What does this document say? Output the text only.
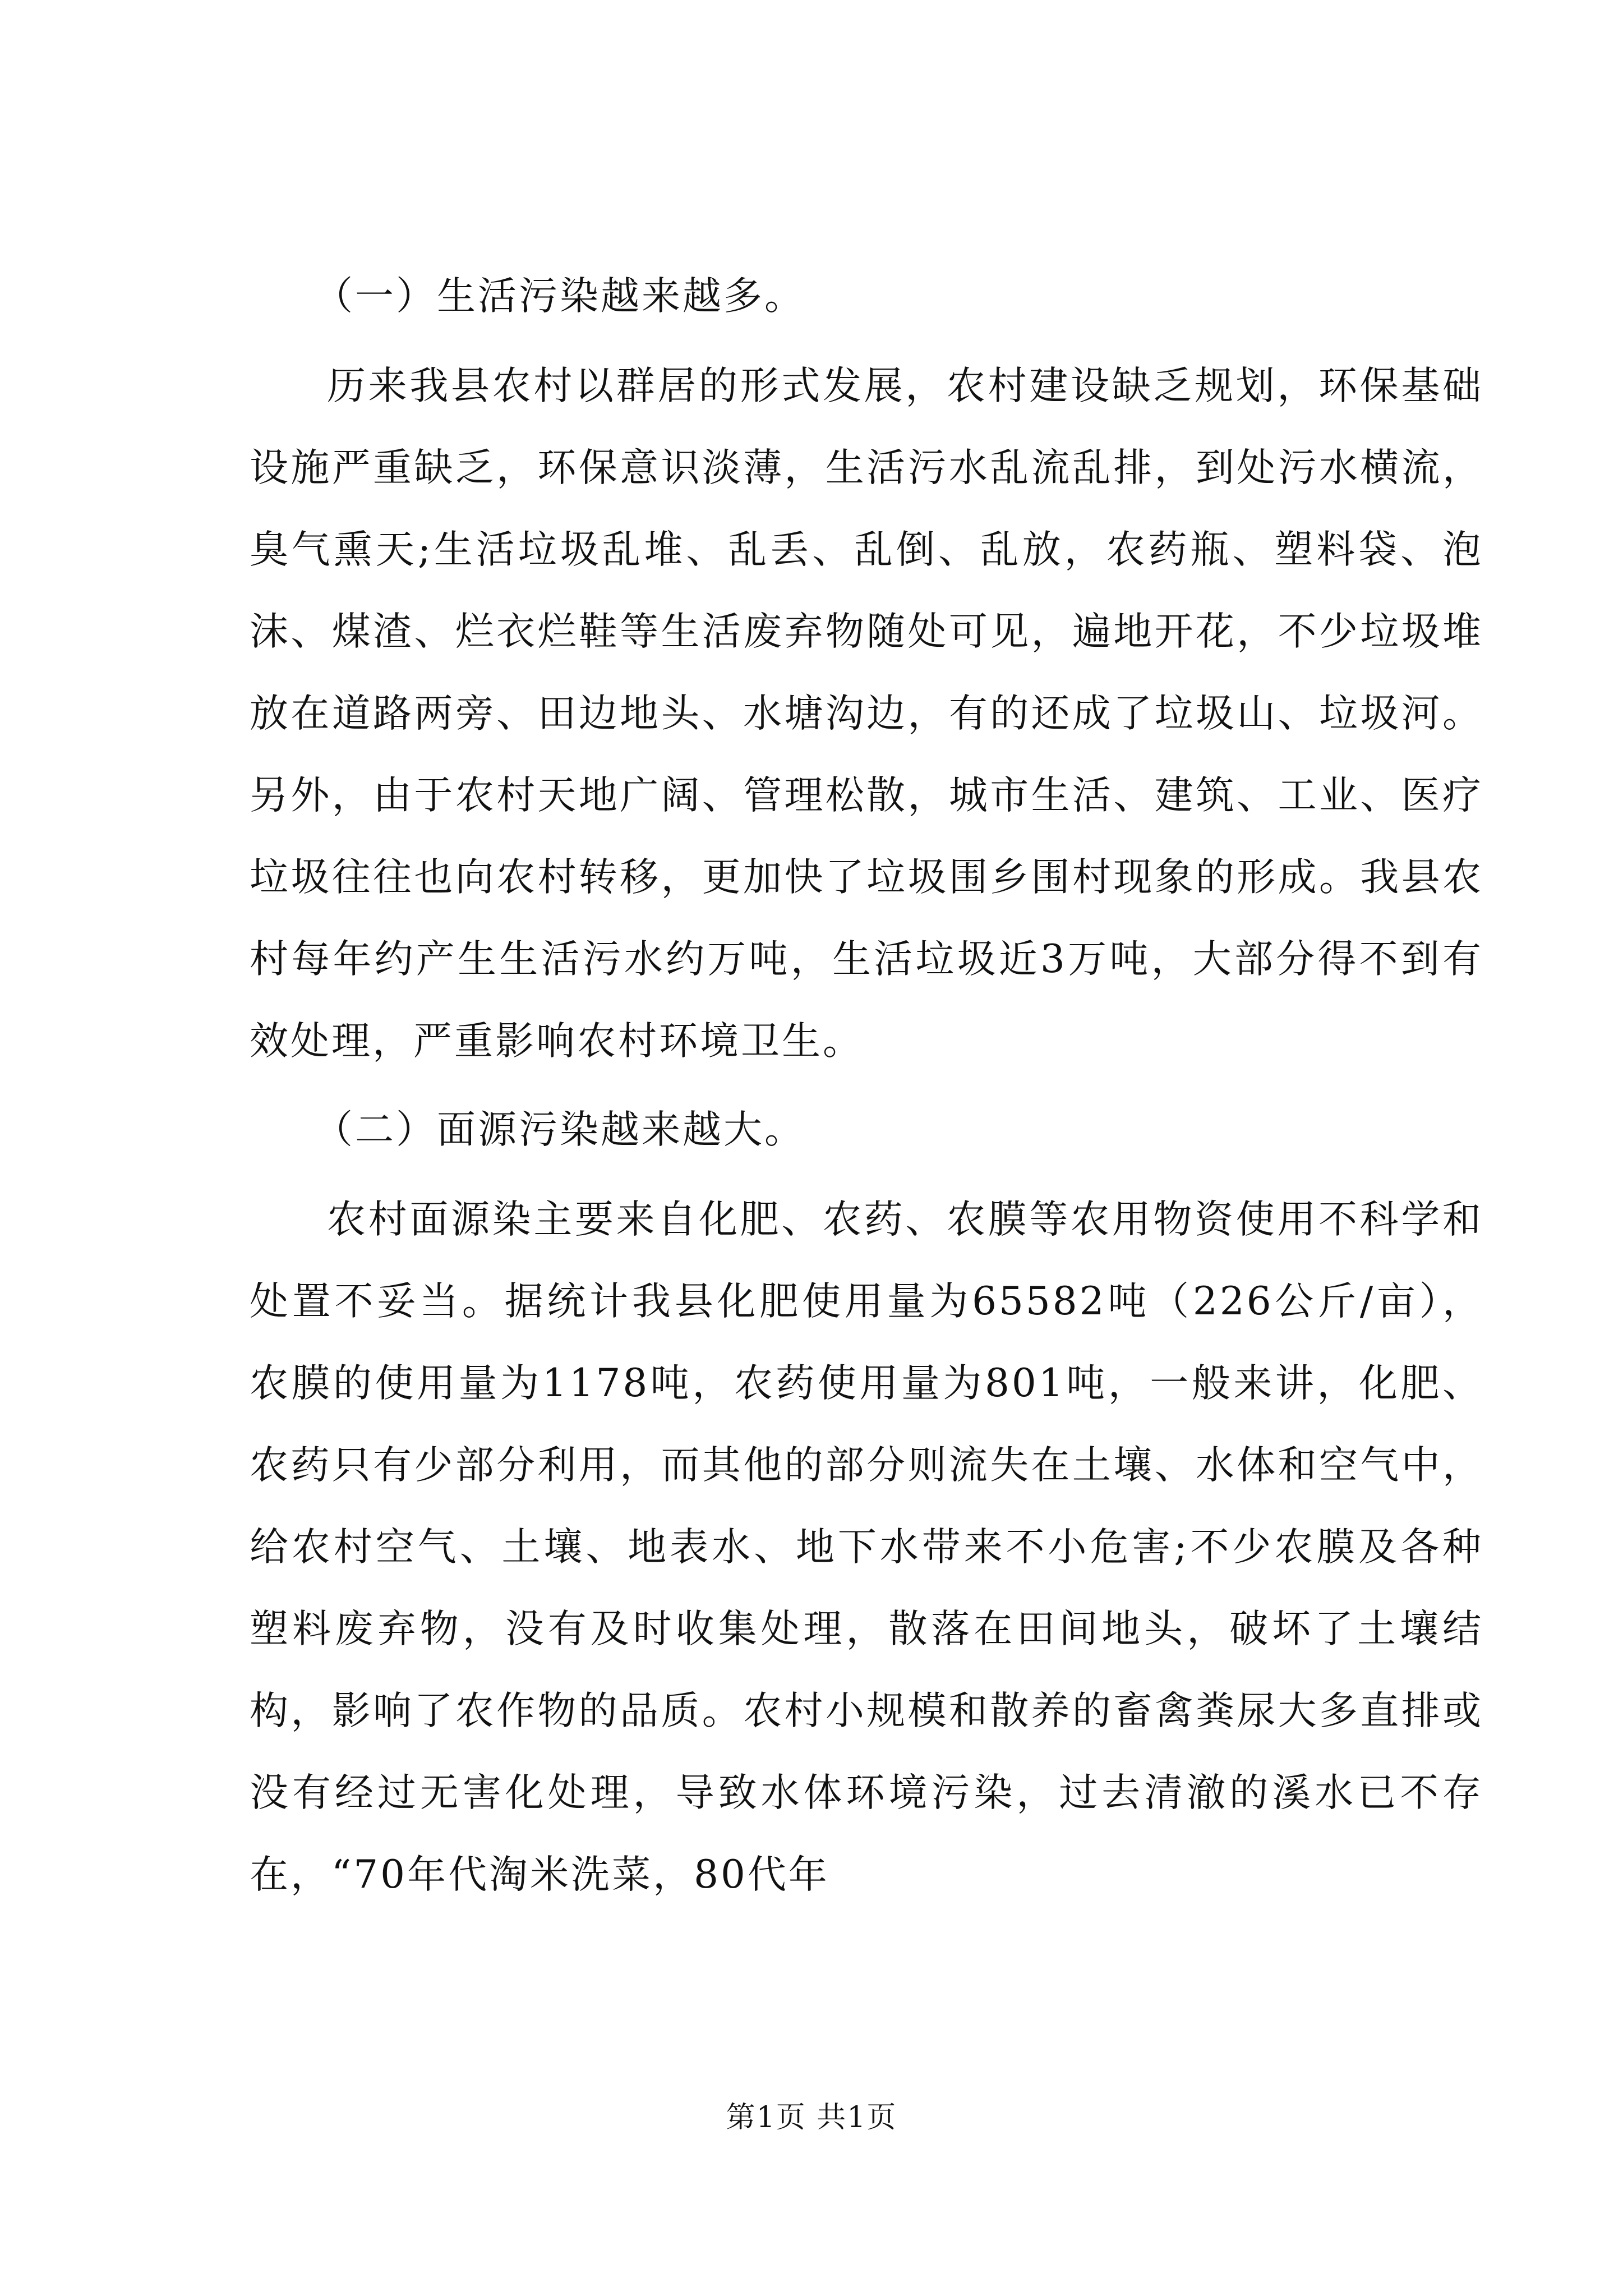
（一）生活污染越来越多。

历来我县农村以群居的形式发展，农村建设缺乏规划，环保基础设施严重缺乏，环保意识淡薄，生活污水乱流乱排，到处污水横流，臭气熏天;生活垃圾乱堆、乱丢、乱倒、乱放，农药瓶、塑料袋、泡沫、煤渣、烂衣烂鞋等生活废弃物随处可见，遍地开花，不少垃圾堆放在道路两旁、田边地头、水塘沟边，有的还成了垃圾山、垃圾河。另外，由于农村天地广阔、管理松散，城市生活、建筑、工业、医疗垃圾往往也向农村转移，更加快了垃圾围乡围村现象的形成。我县农村每年约产生生活污水约万吨，生活垃圾近3万吨，大部分得不到有效处理，严重影响农村环境卫生。

（二）面源污染越来越大。

农村面源染主要来自化肥、农药、农膜等农用物资使用不科学和处置不妥当。据统计我县化肥使用量为65582吨（226公斤/亩），农膜的使用量为1178吨，农药使用量为801吨，一般来讲，化肥、农药只有少部分利用，而其他的部分则流失在土壤、水体和空气中，给农村空气、土壤、地表水、地下水带来不小危害;不少农膜及各种塑料废弃物，没有及时收集处理，散落在田间地头，破坏了土壤结构，影响了农作物的品质。农村小规模和散养的畜禽粪尿大多直排或没有经过无害化处理，导致水体环境污染，过去清澈的溪水已不存在，“70年代淘米洗菜，80代年

第1页 共1页
